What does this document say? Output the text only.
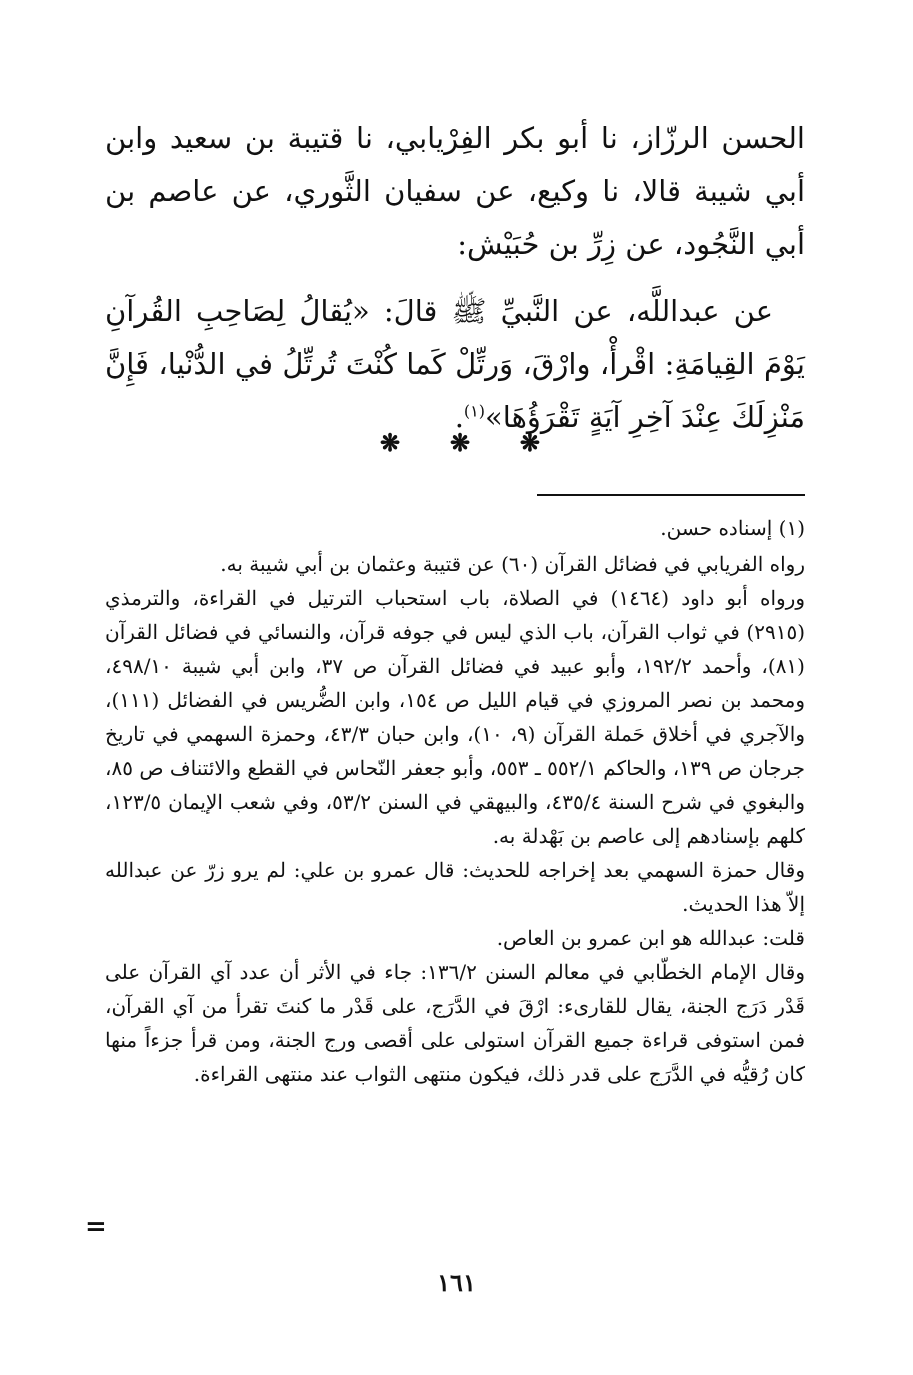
الحسن الرزّاز، نا أبو بكر الفِرْيابي، نا قتيبة بن سعيد وابن أبي شيبة قالا، نا وكيع، عن سفيان الثَّوري، عن عاصم بن أبي النَّجُود، عن زِرِّ بن حُبَيْش:

عن عبداللَّه، عن النَّبيِّ ﷺ قالَ: «يُقالُ لِصَاحِبِ القُرآنِ يَوْمَ القِيامَةِ: اقْرأْ، وارْقَ، وَرتِّلْ كَما كُنْتَ تُرتِّلُ في الدُّنْيا، فَإِنَّ مَنْزِلَكَ عِنْدَ آخِرِ آيَةٍ تَقْرَؤُهَا»$^{(١)}$.

❋ ❋ ❋

(١) إسناده حسن.

رواه الفريابي في فضائل القرآن (٦٠) عن قتيبة وعثمان بن أبي شيبة به.

ورواه أبو داود (١٤٦٤) في الصلاة، باب استحباب الترتيل في القراءة، والترمذي (٢٩١٥) في ثواب القرآن، باب الذي ليس في جوفه قرآن، والنسائي في فضائل القرآن (٨١)، وأحمد ١٩٢/٢، وأبو عبيد في فضائل القرآن ص ٣٧، وابن أبي شيبة ٤٩٨/١٠، ومحمد بن نصر المروزي في قيام الليل ص ١٥٤، وابن الضُّريس في الفضائل (١١١)، والآجري في أخلاق حَملة القرآن (٩، ١٠)، وابن حبان ٤٣/٣، وحمزة السهمي في تاريخ جرجان ص ١٣٩، والحاكم ٥٥٢/١ ـ ٥٥٣، وأبو جعفر النّحاس في القطع والائتناف ص ٨٥، والبغوي في شرح السنة ٤٣٥/٤، والبيهقي في السنن ٥٣/٢، وفي شعب الإيمان ١٢٣/٥، كلهم بإسنادهم إلى عاصم بن بَهْدلة به.

وقال حمزة السهمي بعد إخراجه للحديث: قال عمرو بن علي: لم يرو زرّ عن عبدالله إلاّ هذا الحديث.

قلت: عبدالله هو ابن عمرو بن العاص.

وقال الإمام الخطّابي في معالم السنن ١٣٦/٢: جاء في الأثر أن عدد آي القرآن على قَدْر دَرَج الجنة، يقال للقارىء: ارْقَ في الدَّرَج، على قَدْر ما كنتَ تقرأ من آي القرآن، فمن استوفى قراءة جميع القرآن استولى على أقصى ورج الجنة، ومن قرأ جزءاً منها كان رُقيُّه في الدَّرَج على قدر ذلك، فيكون منتهى الثواب عند منتهى القراءة.

=
١٦١
